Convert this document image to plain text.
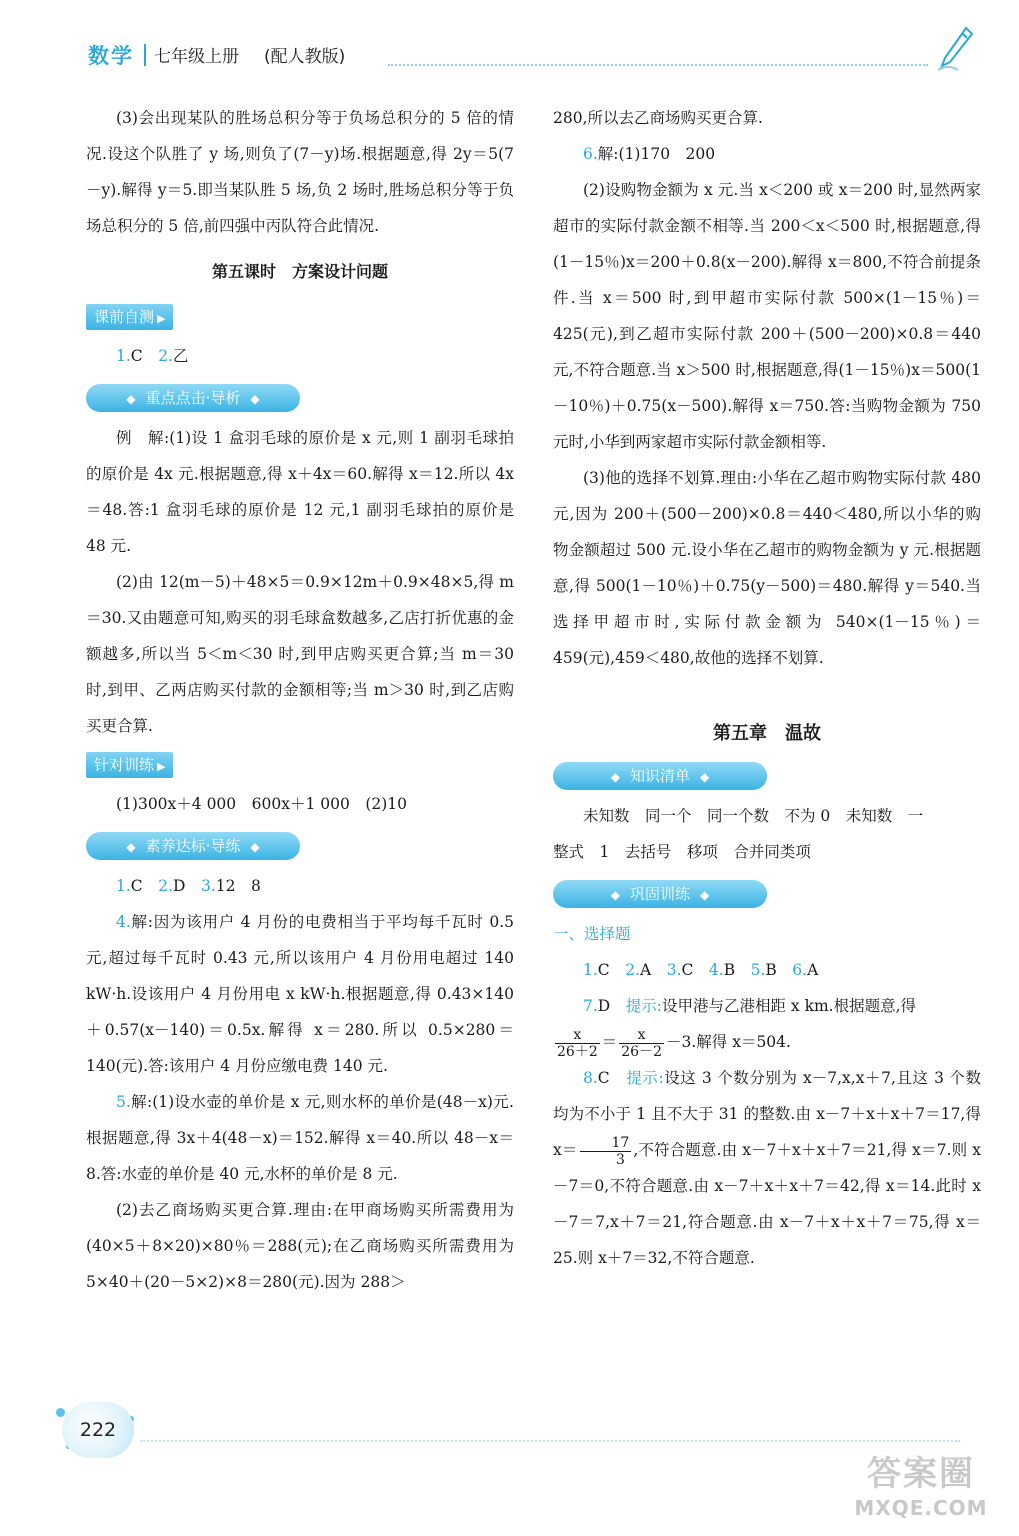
数学 七年级上册 (配人教版)

(3)会出现某队的胜场总积分等于负场总积分的 5 倍的情况.设这个队胜了 y 场,则负了(7－y)场.根据题意,得 2y＝5(7－y).解得 y＝5.即当某队胜 5 场,负 2 场时,胜场总积分等于负场总积分的 5 倍,前四强中丙队符合此情况.

第五课时　方案设计问题
课前自测 ▶

1.C　 2.乙

◆ 重点点击·导析 ◆

例　 解:(1)设 1 盒羽毛球的原价是 x 元,则 1 副羽毛球拍的原价是 4x 元.根据题意,得 x＋4x＝60.解得 x＝12.所以 4x＝48.答:1 盒羽毛球的原价是 12 元,1 副羽毛球拍的原价是 48 元.

(2)由 12(m－5)＋48×5＝0.9×12m＋0.9×48×5,得 m＝30.又由题意可知,购买的羽毛球盒数越多,乙店打折优惠的金额越多,所以当 5＜m＜30 时,到甲店购买更合算;当 m＝30 时,到甲、乙两店购买付款的金额相等;当 m＞30 时,到乙店购买更合算.

针对训练 ▶

(1)300x＋4 000　600x＋1 000　(2)10

◆ 素养达标·导练 ◆

1.C　 2.D　 3.12　8

4.解:因为该用户 4 月份的电费相当于平均每千瓦时 0.5 元,超过每千瓦时 0.43 元,所以该用户 4 月份用电超过 140 kW·h.设该用户 4 月份用电 x kW·h.根据题意,得 0.43×140＋0.57(x－140)＝0.5x.解得 x＝280.所以 0.5×280＝140(元).答:该用户 4 月份应缴电费 140 元.

5.解:(1)设水壶的单价是 x 元,则水杯的单价是(48－x)元.根据题意,得 3x＋4(48－x)＝152.解得 x＝40.所以 48－x＝8.答:水壶的单价是 40 元,水杯的单价是 8 元.

(2)去乙商场购买更合算.理由:在甲商场购买所需费用为(40×5＋8×20)×80％＝288(元);在乙商场购买所需费用为 5×40＋(20－5×2)×8＝280(元).因为 288＞

280,所以去乙商场购买更合算.

6.解:(1)170　200

(2)设购物金额为 x 元.当 x＜200 或 x＝200 时,显然两家超市的实际付款金额不相等.当 200＜x＜500 时,根据题意,得(1－15％)x＝200＋0.8(x－200).解得 x＝800,不符合前提条件.当 x＝500 时,到甲超市实际付款 500×(1－15％)＝425(元),到乙超市实际付款 200＋(500－200)×0.8＝440 元,不符合题意.当 x＞500 时,根据题意,得(1－15％)x＝500(1－10％)＋0.75(x－500).解得 x＝750.答:当购物金额为 750 元时,小华到两家超市实际付款金额相等.

(3)他的选择不划算.理由:小华在乙超市购物实际付款 480 元,因为 200＋(500－200)×0.8＝440＜480,所以小华的购物金额超过 500 元.设小华在乙超市的购物金额为 y 元.根据题意,得 500(1－10％)＋0.75(y－500)＝480.解得 y＝540.当选择甲超市时,实际付款金额为 540×(1－15％)＝459(元),459＜480,故他的选择不划算.

第五章　温故
◆ 知识清单 ◆

未知数　同一个　同一个数　不为 0　未知数　一

整式　1　去括号　移项　合并同类项

◆ 巩固训练 ◆

一、选择题

1.C　 2.A　 3.C　 4.B　 5.B　 6.A

7.D　 提示:设甲港与乙港相距 x km.根据题意,得

$\frac{x}{26+2} = \frac{x}{26-2} -3$.解得 x＝504.

8.C　 提示:设这 3 个数分别为 x－7,x,x＋7,且这 3 个数均为不小于 1 且不大于 31 的整数.由 x－7＋x＋x＋7＝17,得 $x= \frac{17}{3}$ ,不符合题意.由 x－7＋x＋x＋7＝21,得 x＝7.则 x－7＝0,不符合题意.由 x－7＋x＋x＋7＝42,得 x＝14.此时 x－7＝7,x＋7＝21,符合题意.由 x－7＋x＋x＋7＝75,得 x＝25.则 x＋7＝32,不符合题意.

222
答案圈
MXQE.COM
